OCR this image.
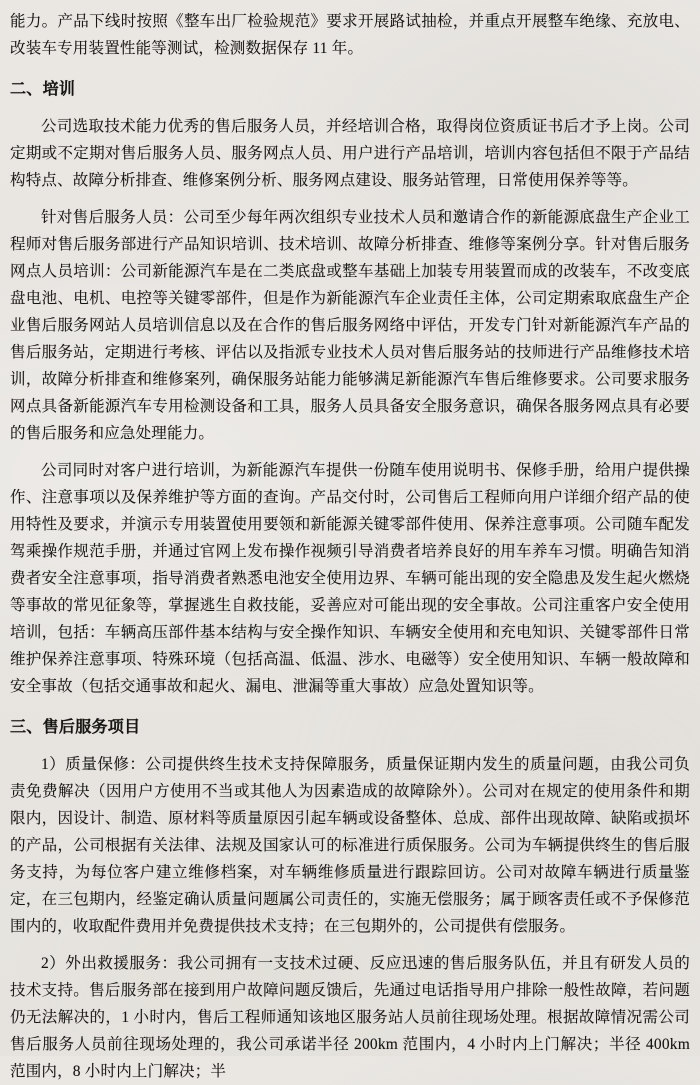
能力。产品下线时按照《整车出厂检验规范》要求开展路试抽检，并重点开展整车绝缘、充放电、改装车专用装置性能等测试，检测数据保存 11 年。

二、培训

公司选取技术能力优秀的售后服务人员，并经培训合格，取得岗位资质证书后才予上岗。公司定期或不定期对售后服务人员、服务网点人员、用户进行产品培训，培训内容包括但不限于产品结构特点、故障分析排查、维修案例分析、服务网点建设、服务站管理，日常使用保养等等。

针对售后服务人员：公司至少每年两次组织专业技术人员和邀请合作的新能源底盘生产企业工程师对售后服务部进行产品知识培训、技术培训、故障分析排查、维修等案例分享。针对售后服务网点人员培训：公司新能源汽车是在二类底盘或整车基础上加装专用装置而成的改装车，不改变底盘电池、电机、电控等关键零部件，但是作为新能源汽车企业责任主体，公司定期索取底盘生产企业售后服务网站人员培训信息以及在合作的售后服务网络中评估，开发专门针对新能源汽车产品的售后服务站，定期进行考核、评估以及指派专业技术人员对售后服务站的技师进行产品维修技术培训，故障分析排查和维修案列，确保服务站能力能够满足新能源汽车售后维修要求。公司要求服务网点具备新能源汽车专用检测设备和工具，服务人员具备安全服务意识，确保各服务网点具有必要的售后服务和应急处理能力。

公司同时对客户进行培训，为新能源汽车提供一份随车使用说明书、保修手册，给用户提供操作、注意事项以及保养维护等方面的查询。产品交付时，公司售后工程师向用户详细介绍产品的使用特性及要求，并演示专用装置使用要领和新能源关键零部件使用、保养注意事项。公司随车配发驾乘操作规范手册，并通过官网上发布操作视频引导消费者培养良好的用车养车习惯。明确告知消费者安全注意事项，指导消费者熟悉电池安全使用边界、车辆可能出现的安全隐患及发生起火燃烧等事故的常见征象等，掌握逃生自救技能，妥善应对可能出现的安全事故。公司注重客户安全使用培训，包括：车辆高压部件基本结构与安全操作知识、车辆安全使用和充电知识、关键零部件日常维护保养注意事项、特殊环境（包括高温、低温、涉水、电磁等）安全使用知识、车辆一般故障和安全事故（包括交通事故和起火、漏电、泄漏等重大事故）应急处置知识等。

三、售后服务项目

1）质量保修：公司提供终生技术支持保障服务，质量保证期内发生的质量问题，由我公司负责免费解决（因用户方使用不当或其他人为因素造成的故障除外）。公司对在规定的使用条件和期限内，因设计、制造、原材料等质量原因引起车辆或设备整体、总成、部件出现故障、缺陷或损坏的产品，公司根据有关法律、法规及国家认可的标准进行质保服务。公司为车辆提供终生的售后服务支持，为每位客户建立维修档案，对车辆维修质量进行跟踪回访。公司对故障车辆进行质量鉴定，在三包期内，经鉴定确认质量问题属公司责任的，实施无偿服务；属于顾客责任或不予保修范围内的，收取配件费用并免费提供技术支持；在三包期外的，公司提供有偿服务。

2）外出救援服务：我公司拥有一支技术过硬、反应迅速的售后服务队伍，并且有研发人员的技术支持。售后服务部在接到用户故障问题反馈后，先通过电话指导用户排除一般性故障，若问题仍无法解决的，1 小时内，售后工程师通知该地区服务站人员前往现场处理。根据故障情况需公司售后服务人员前往现场处理的，我公司承诺半径 200km 范围内，4 小时内上门解决；半径 400km 范围内，8 小时内上门解决；半
